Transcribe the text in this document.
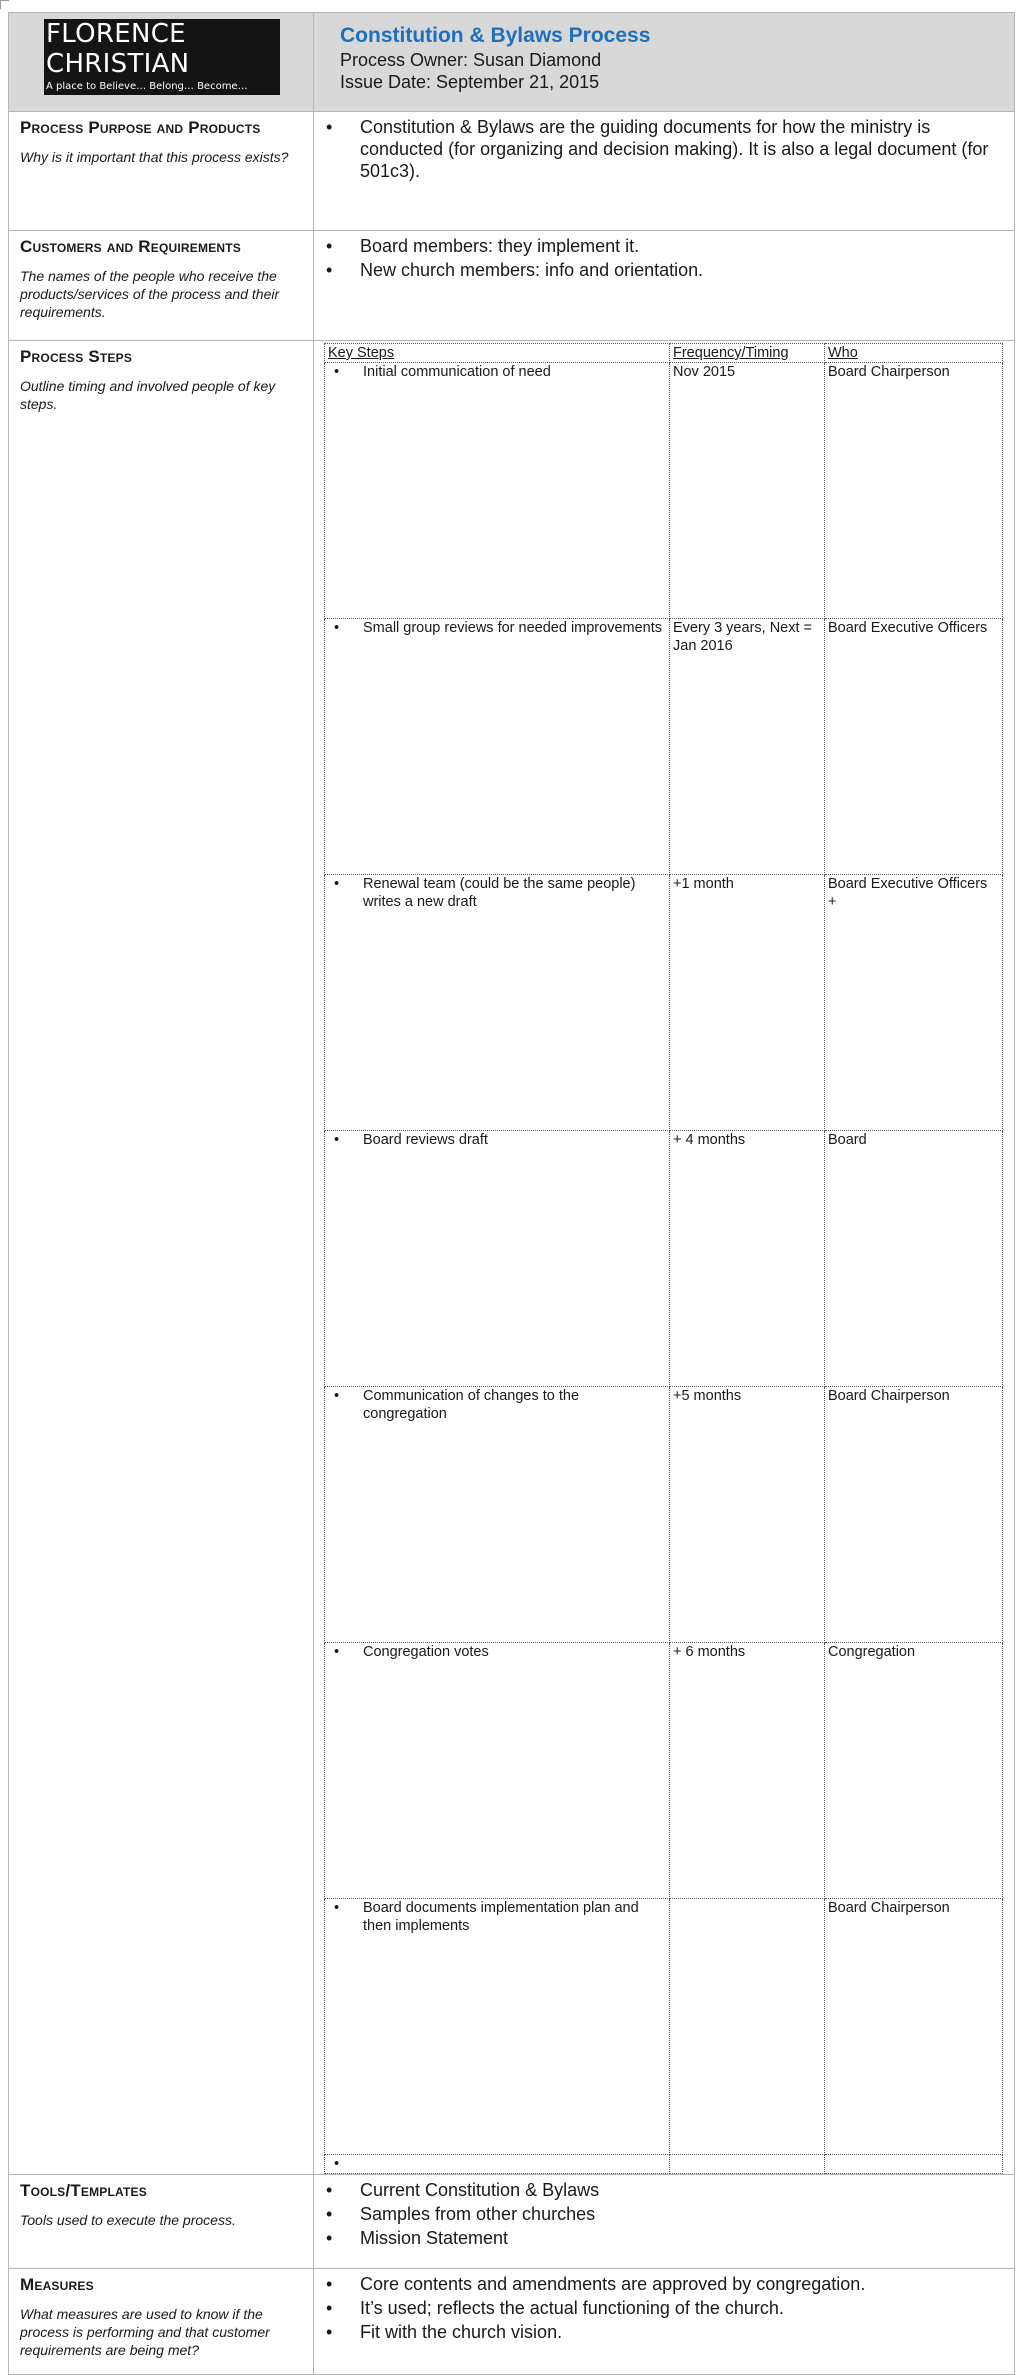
FLORENCE
CHRISTIAN
A place to Believe… Belong… Become…

Constitution & Bylaws Process
Process Owner: Susan Diamond
Issue Date: September 21, 2015

Process Purpose and Products
Why is it important that this process exists?

• Constitution & Bylaws are the guiding documents for how the ministry is conducted (for organizing and decision making). It is also a legal document (for 501c3).

Customers and Requirements
The names of the people who receive the products/services of the process and their requirements.

• Board members: they implement it.
• New church members: info and orientation.

Process Steps
Outline timing and involved people of key steps.

Key Steps	Frequency/Timing	Who

• Initial communication of need	Nov 2015	Board Chairperson

• Small group reviews for needed improvements	Every 3 years, Next = Jan 2016	Board Executive Officers

• Renewal team (could be the same people) writes a new draft	+1 month	Board Executive Officers +

• Board reviews draft	+ 4 months	Board

• Communication of changes to the congregation	+5 months	Board Chairperson

• Congregation votes	+ 6 months	Congregation

• Board documents implementation plan and then implements		Board Chairperson

•

Tools/Templates
Tools used to execute the process.

• Current Constitution & Bylaws
• Samples from other churches
• Mission Statement

Measures
What measures are used to know if the process is performing and that customer requirements are being met?

• Core contents and amendments are approved by congregation.
• It’s used; reflects the actual functioning of the church.
• Fit with the church vision.
